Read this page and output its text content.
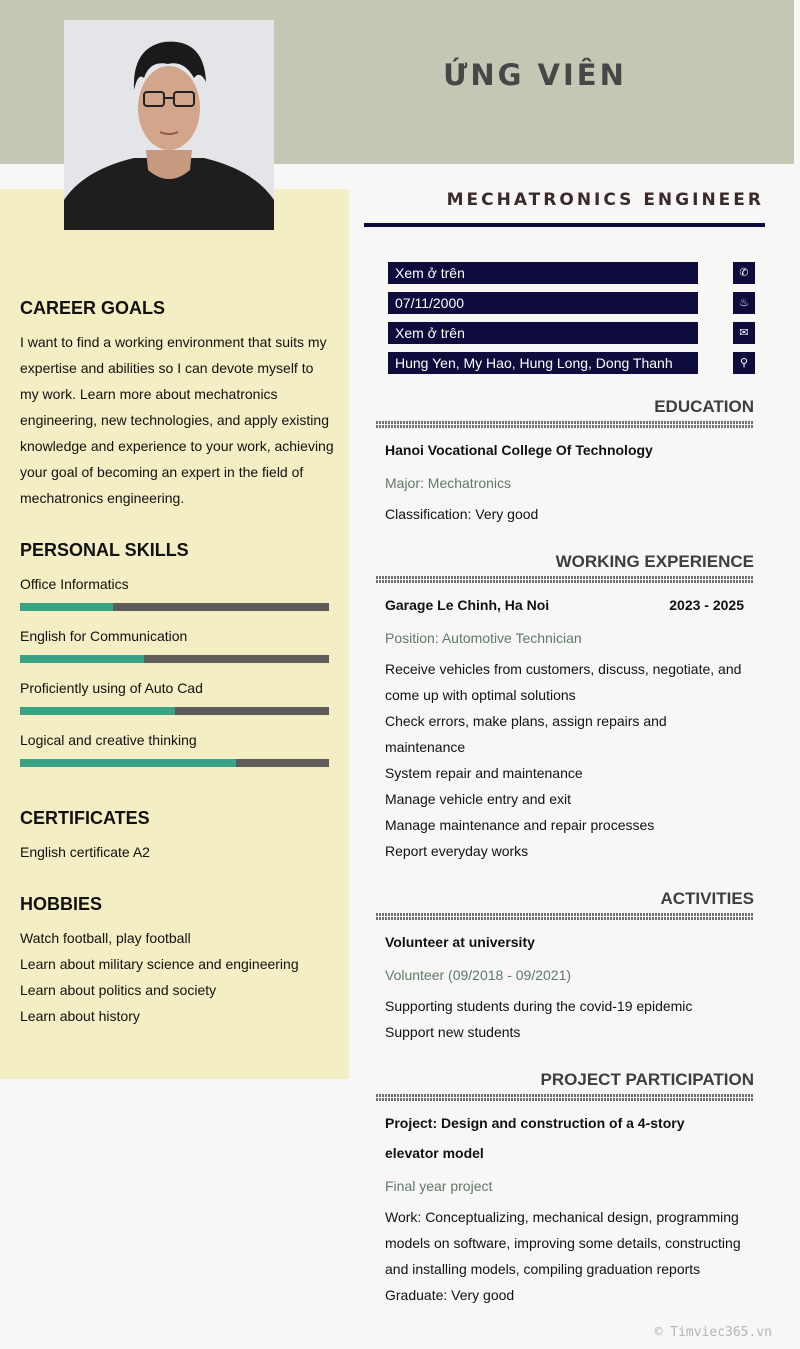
ỨNG VIÊN
CAREER GOALS
I want to find a working environment that suits my expertise and abilities so I can devote myself to my work. Learn more about mechatronics engineering, new technologies, and apply existing knowledge and experience to your work, achieving your goal of becoming an expert in the field of mechatronics engineering.
PERSONAL SKILLS
Office Informatics
English for Communication
Proficiently using of Auto Cad
Logical and creative thinking
CERTIFICATES
English certificate A2
HOBBIES
Watch football, play football
Learn about military science and engineering
Learn about politics and society
Learn about history
MECHATRONICS ENGINEER
Xem ở trên	✆
07/11/2000	♨
Xem ở trên	✉
Hung Yen, My Hao, Hung Long, Dong Thanh	⚲
EDUCATION
Hanoi Vocational College Of Technology
Major: Mechatronics
Classification: Very good
WORKING EXPERIENCE
Garage Le Chinh, Ha Noi	2023 - 2025
Position: Automotive Technician
Receive vehicles from customers, discuss, negotiate, and come up with optimal solutions
Check errors, make plans, assign repairs and maintenance
System repair and maintenance
Manage vehicle entry and exit
Manage maintenance and repair processes
Report everyday works
ACTIVITIES
Volunteer at university
Volunteer (09/2018 - 09/2021)
Supporting students during the covid-19 epidemic
Support new students
PROJECT PARTICIPATION
Project: Design and construction of a 4-story elevator model
Final year project
Work: Conceptualizing, mechanical design, programming models on software, improving some details, constructing and installing models, compiling graduation reports
Graduate: Very good
© Timviec365.vn
